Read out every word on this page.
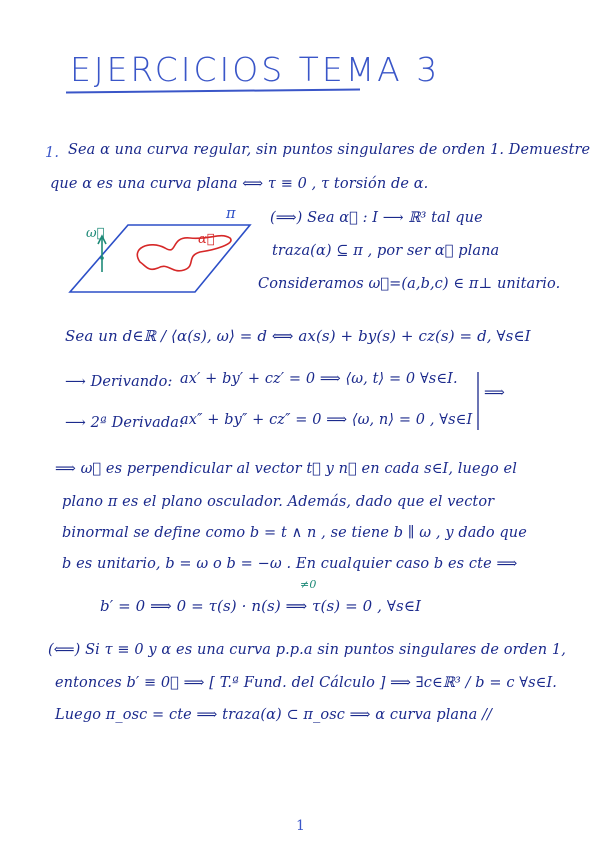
EJERCICIOS TEMA 3
1. Sea α una curva regular, sin puntos singulares de orden 1. Demuestre
que α es una curva plana ⟺ τ ≡ 0 , τ torsión de α.
π
ω⃗	α⃗
(⟹) Sea α⃗ : I ⟶ ℝ³ tal que
traza(α) ⊆ π , por ser α⃗ plana
Consideramos ω⃗=(a,b,c) ∈ π⊥ unitario.
Sea un d∈ℝ / ⟨α(s), ω⟩ = d ⟺ ax(s) + by(s) + cz(s) = d, ∀s∈I
⟶ Derivando: ax′ + by′ + cz′ = 0 ⟹ ⟨ω, t⟩ = 0 ∀s∈I.
⟶ 2ª Derivada:
ax″ + by″ + cz″ = 0 ⟹ ⟨ω, n⟩ = 0 , ∀s∈I
⟹
⟹ ω⃗ es perpendicular al vector t⃗ y n⃗ en cada s∈I, luego el
plano π es el plano osculador. Además, dado que el vector
binormal se define como b = t ∧ n , se tiene b ∥ ω , y dado que
b es unitario, b = ω o b = −ω . En cualquier caso b es cte ⟹
≠0
b′ = 0 ⟹ 0 = τ(s) · n(s) ⟹ τ(s) = 0 , ∀s∈I
(⟸) Si τ ≡ 0 y α es una curva p.p.a sin puntos singulares de orden 1,
entonces b′ ≡ 0⃗ ⟹ [ T.ª Fund. del Cálculo ] ⟹ ∃c∈ℝ³ / b = c ∀s∈I.
Luego π_osc = cte ⟹ traza(α) ⊂ π_osc ⟹ α curva plana //
1
